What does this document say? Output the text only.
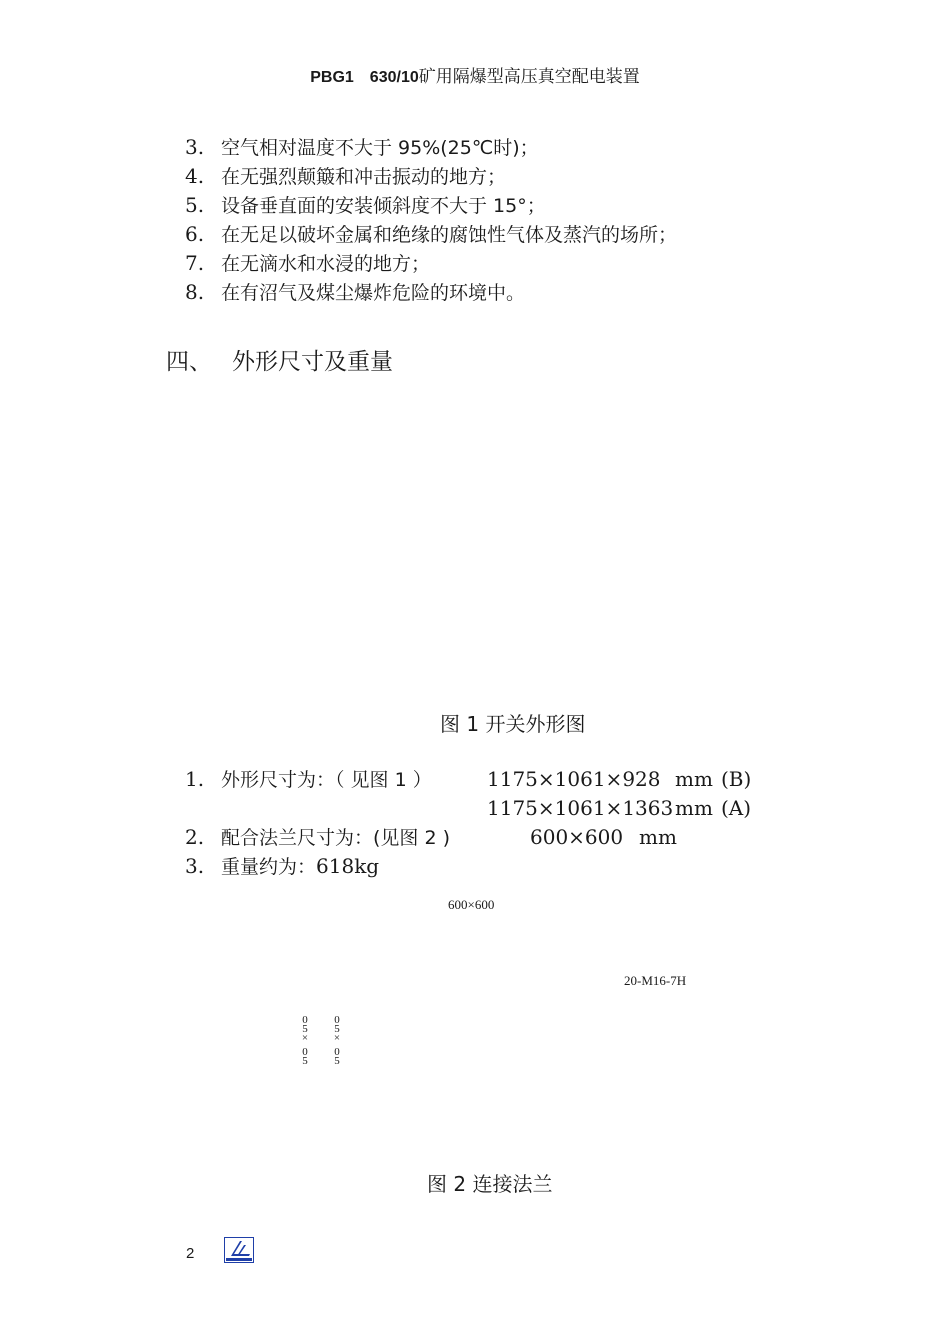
PBG1　630/10矿用隔爆型高压真空配电装置
3. 空气相对温度不大于 95%(25℃时)；
4. 在无强烈颠簸和冲击振动的地方；
5. 设备垂直面的安装倾斜度不大于 15°；
6. 在无足以破坏金属和绝缘的腐蚀性气体及蒸汽的场所；
7. 在无滴水和水浸的地方；
8. 在有沼气及煤尘爆炸危险的环境中。
四、 外形尺寸及重量
图 1 开关外形图
1. 外形尺寸为：（ 见图 1 ）	1175×1061×928 mm (B)
1175×1061×1363 mm (A)
2. 配合法兰尺寸为：(见图 2 )	600×600 mm
3. 重量约为：618kg
600×600
20-M16-7H
0
5
×
0
5
0
5
×
0
5
图 2 连接法兰
2
